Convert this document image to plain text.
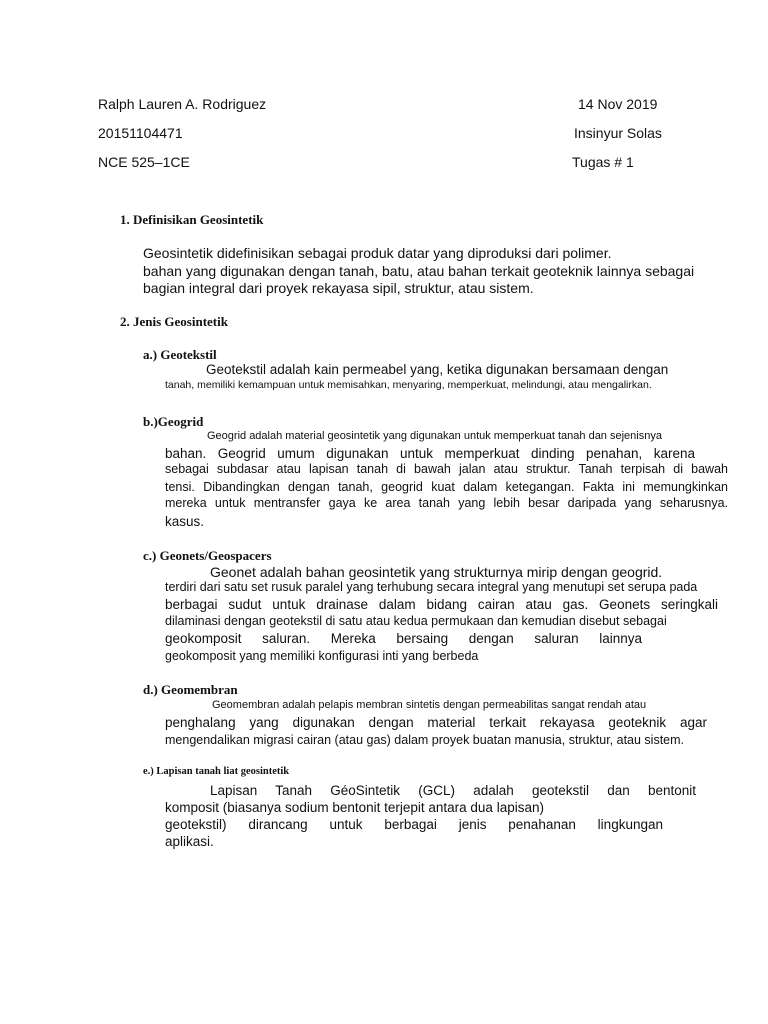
Ralph Lauren A. Rodriguez	14 Nov 2019
20151104471	Insinyur Solas
NCE 525–1CE	Tugas # 1
1. Definisikan Geosintetik
Geosintetik didefinisikan sebagai produk datar yang diproduksi dari polimer.
bahan yang digunakan dengan tanah, batu, atau bahan terkait geoteknik lainnya sebagai
bagian integral dari proyek rekayasa sipil, struktur, atau sistem.
2. Jenis Geosintetik
a.) Geotekstil
Geotekstil adalah kain permeabel yang, ketika digunakan bersamaan dengan
tanah, memiliki kemampuan untuk memisahkan, menyaring, memperkuat, melindungi, atau mengalirkan.
b.)Geogrid
Geogrid adalah material geosintetik yang digunakan untuk memperkuat tanah dan sejenisnya
bahan. Geogrid umum digunakan untuk memperkuat dinding penahan, karena
sebagai subdasar atau lapisan tanah di bawah jalan atau struktur. Tanah terpisah di bawah
tensi. Dibandingkan dengan tanah, geogrid kuat dalam ketegangan. Fakta ini memungkinkan
mereka untuk mentransfer gaya ke area tanah yang lebih besar daripada yang seharusnya.
kasus.
c.) Geonets/Geospacers
Geonet adalah bahan geosintetik yang strukturnya mirip dengan geogrid.
terdiri dari satu set rusuk paralel yang terhubung secara integral yang menutupi set serupa pada
berbagai sudut untuk drainase dalam bidang cairan atau gas. Geonets seringkali
dilaminasi dengan geotekstil di satu atau kedua permukaan dan kemudian disebut sebagai
geokomposit saluran. Mereka bersaing dengan saluran lainnya
geokomposit yang memiliki konfigurasi inti yang berbeda
d.) Geomembran
Geomembran adalah pelapis membran sintetis dengan permeabilitas sangat rendah atau
penghalang yang digunakan dengan material terkait rekayasa geoteknik agar
mengendalikan migrasi cairan (atau gas) dalam proyek buatan manusia, struktur, atau sistem.
e.) Lapisan tanah liat geosintetik
Lapisan Tanah GéoSintetik (GCL) adalah geotekstil dan bentonit
komposit (biasanya sodium bentonit terjepit antara dua lapisan)
geotekstil) dirancang untuk berbagai jenis penahanan lingkungan
aplikasi.
